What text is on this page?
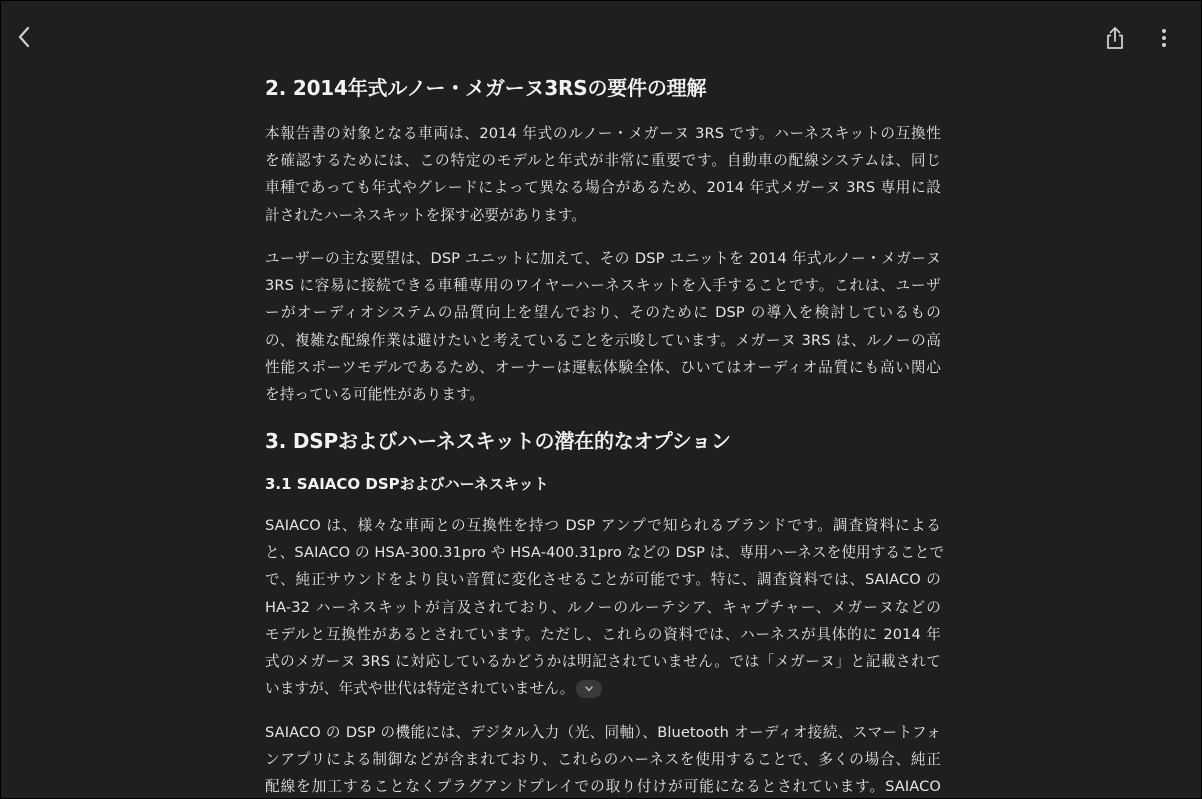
2. 2014年式ルノー・メガーヌ3RSの要件の理解
本報告書の対象となる車両は、2014 年式のルノー・メガーヌ 3RS です。ハーネスキットの互換性
を確認するためには、この特定のモデルと年式が非常に重要です。自動車の配線システムは、同じ
車種であっても年式やグレードによって異なる場合があるため、2014 年式メガーヌ 3RS 専用に設
計されたハーネスキットを探す必要があります。
ユーザーの主な要望は、DSP ユニットに加えて、その DSP ユニットを 2014 年式ルノー・メガーヌ
3RS に容易に接続できる車種専用のワイヤーハーネスキットを入手することです。これは、ユーザ
ーがオーディオシステムの品質向上を望んでおり、そのために DSP の導入を検討しているもの
の、複雑な配線作業は避けたいと考えていることを示唆しています。メガーヌ 3RS は、ルノーの高
性能スポーツモデルであるため、オーナーは運転体験全体、ひいてはオーディオ品質にも高い関心
を持っている可能性があります。
3. DSPおよびハーネスキットの潜在的なオプション
3.1 SAIACO DSPおよびハーネスキット
SAIACO は、様々な車両との互換性を持つ DSP アンプで知られるブランドです。調査資料による
と、SAIACO の HSA-300.31pro や HSA-400.31pro などの DSP は、専用ハーネスを使用することで
で、純正サウンドをより良い音質に変化させることが可能です。特に、調査資料では、SAIACO の
HA-32 ハーネスキットが言及されており、ルノーのルーテシア、キャプチャー、メガーヌなどの
モデルと互換性があるとされています。ただし、これらの資料では、ハーネスが具体的に 2014 年
式のメガーヌ 3RS に対応しているかどうかは明記されていません。では「メガーヌ」と記載されて
いますが、年式や世代は特定されていません。
SAIACO の DSP の機能には、デジタル入力（光、同軸）、Bluetooth オーディオ接続、スマートフォ
ンアプリによる制御などが含まれており、これらのハーネスを使用することで、多くの場合、純正
配線を加工することなくプラグアンドプレイでの取り付けが可能になるとされています。SAIACO
